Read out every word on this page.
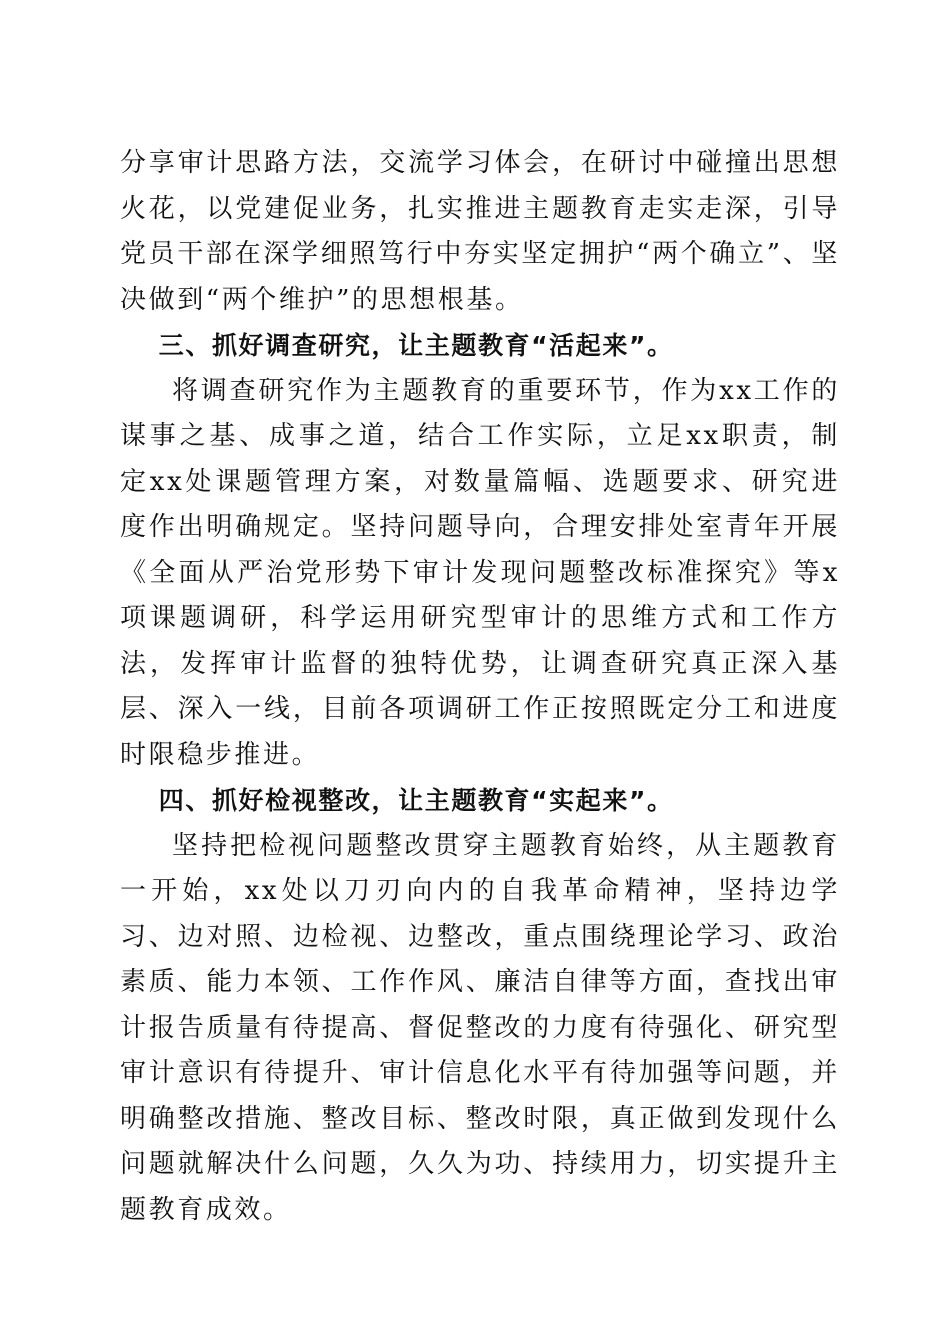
分享审计思路方法，交流学习体会，在研讨中碰撞出思想火花，以党建促业务，扎实推进主题教育走实走深，引导党员干部在深学细照笃行中夯实坚定拥护“两个确立”、坚决做到“两个维护”的思想根基。

三、抓好调查研究，让主题教育“活起来”。

将调查研究作为主题教育的重要环节，作为xx工作的谋事之基、成事之道，结合工作实际，立足xx职责，制定xx处课题管理方案，对数量篇幅、选题要求、研究进度作出明确规定。坚持问题导向，合理安排处室青年开展《全面从严治党形势下审计发现问题整改标准探究》等x项课题调研，科学运用研究型审计的思维方式和工作方法，发挥审计监督的独特优势，让调查研究真正深入基层、深入一线，目前各项调研工作正按照既定分工和进度时限稳步推进。

四、抓好检视整改，让主题教育“实起来”。

坚持把检视问题整改贯穿主题教育始终，从主题教育一开始，xx处以刀刃向内的自我革命精神，坚持边学习、边对照、边检视、边整改，重点围绕理论学习、政治素质、能力本领、工作作风、廉洁自律等方面，查找出审计报告质量有待提高、督促整改的力度有待强化、研究型审计意识有待提升、审计信息化水平有待加强等问题，并明确整改措施、整改目标、整改时限，真正做到发现什么问题就解决什么问题，久久为功、持续用力，切实提升主题教育成效。
